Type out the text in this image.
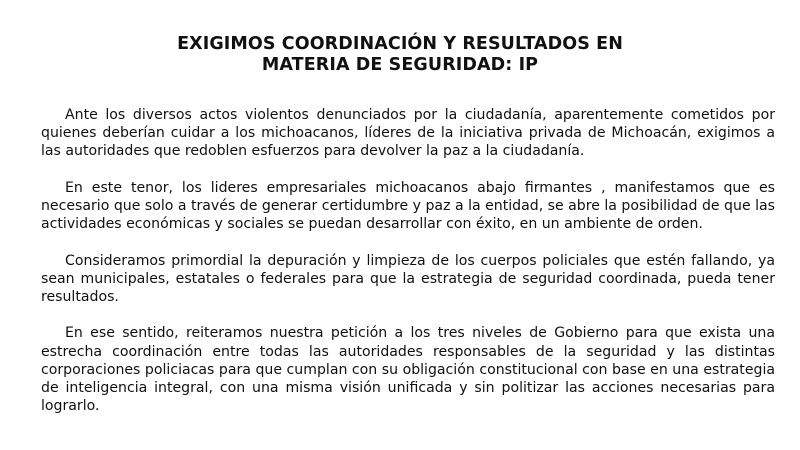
EXIGIMOS COORDINACIÓN Y RESULTADOS EN
MATERIA DE SEGURIDAD: IP

Ante los diversos actos violentos denunciados por la ciudadanía, aparentemente cometidos por quienes deberían cuidar a los michoacanos, líderes de la iniciativa privada de Michoacán, exigimos a las autoridades que redoblen esfuerzos para devolver la paz a la ciudadanía.

En este tenor, los lideres empresariales michoacanos abajo firmantes , manifestamos que es necesario que solo a través de generar certidumbre y paz a la entidad, se abre la posibilidad de que las actividades económicas y sociales se puedan desarrollar con éxito, en un ambiente de orden.

Consideramos primordial la depuración y limpieza de los cuerpos policiales que estén fallando, ya sean municipales, estatales o federales para que la estrategia de seguridad coordinada, pueda tener resultados.

En ese sentido, reiteramos nuestra petición a los tres niveles de Gobierno para que exista una estrecha coordinación entre todas las autoridades responsables de la seguridad y las distintas corporaciones policiacas para que cumplan con su obligación constitucional con base en una estrategia de inteligencia integral, con una misma visión unificada y sin politizar las acciones necesarias para lograrlo.
